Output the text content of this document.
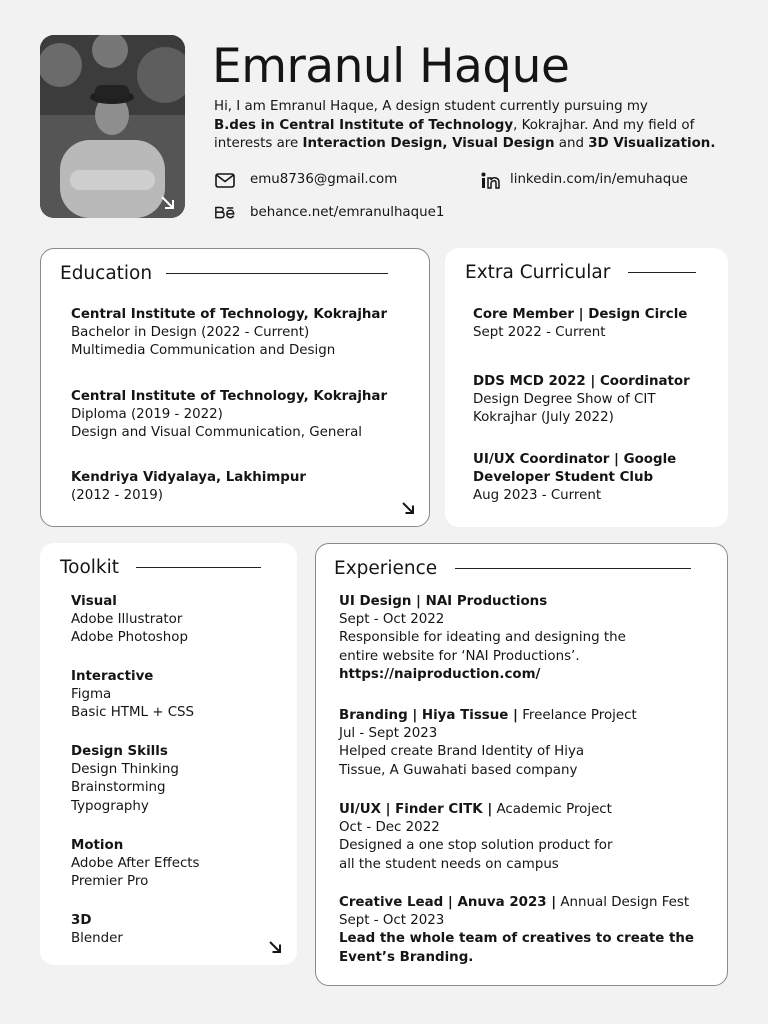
Emranul Haque
Hi, I am Emranul Haque, A design student currently pursuing my
B.des in Central Institute of Technology, Kokrajhar. And my field of
interests are Interaction Design, Visual Design and 3D Visualization.
emu8736@gmail.com	linkedin.com/in/emuhaque
behance.net/emranulhaque1
Education
Central Institute of Technology, Kokrajhar
Bachelor in Design (2022 - Current)
Multimedia Communication and Design
Central Institute of Technology, Kokrajhar
Diploma (2019 - 2022)
Design and Visual Communication, General
Kendriya Vidyalaya, Lakhimpur
(2012 - 2019)
Extra Curricular
Core Member | Design Circle
Sept 2022 - Current
DDS MCD 2022 | Coordinator
Design Degree Show of CIT
Kokrajhar (July 2022)
UI/UX Coordinator | Google
Developer Student Club
Aug 2023 - Current
Toolkit
Visual
Adobe Illustrator
Adobe Photoshop
Interactive
Figma
Basic HTML + CSS
Design Skills
Design Thinking
Brainstorming
Typography
Motion
Adobe After Effects
Premier Pro
3D
Blender
Experience
UI Design | NAI Productions
Sept - Oct 2022
Responsible for ideating and designing the
entire website for ‘NAI Productions’.
https://naiproduction.com/
Branding | Hiya Tissue | Freelance Project
Jul - Sept 2023
Helped create Brand Identity of Hiya
Tissue, A Guwahati based company
UI/UX | Finder CITK | Academic Project
Oct - Dec 2022
Designed a one stop solution product for
all the student needs on campus
Creative Lead | Anuva 2023 | Annual Design Fest
Sept - Oct 2023
Lead the whole team of creatives to create the
Event’s Branding.
